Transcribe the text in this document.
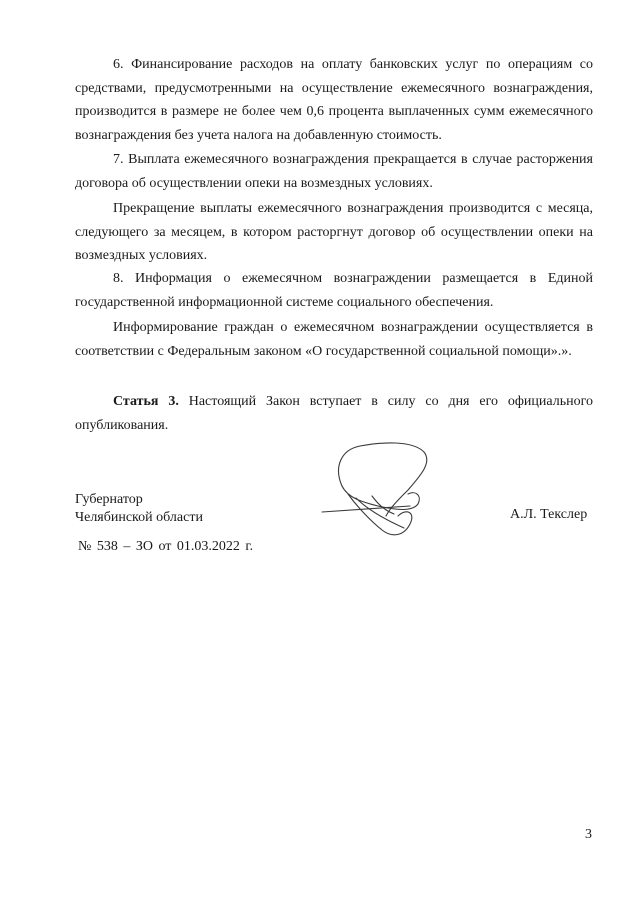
6. Финансирование расходов на оплату банковских услуг по операциям со средствами, предусмотренными на осуществление ежемесячного вознаграждения, производится в размере не более чем 0,6 процента выплаченных сумм ежемесячного вознаграждения без учета налога на добавленную стоимость.

7. Выплата ежемесячного вознаграждения прекращается в случае расторжения договора об осуществлении опеки на возмездных условиях.

Прекращение выплаты ежемесячного вознаграждения производится с месяца, следующего за месяцем, в котором расторгнут договор об осуществлении опеки на возмездных условиях.

8. Информация о ежемесячном вознаграждении размещается в Единой государственной информационной системе социального обеспечения.

Информирование граждан о ежемесячном вознаграждении осуществляется в соответствии с Федеральным законом «О государственной социальной помощи».».

Статья 3. Настоящий Закон вступает в силу со дня его официального опубликования.

Губернатор
Челябинской области	А.Л. Текслер
№ 538 – ЗО от 01.03.2022 г.
3
